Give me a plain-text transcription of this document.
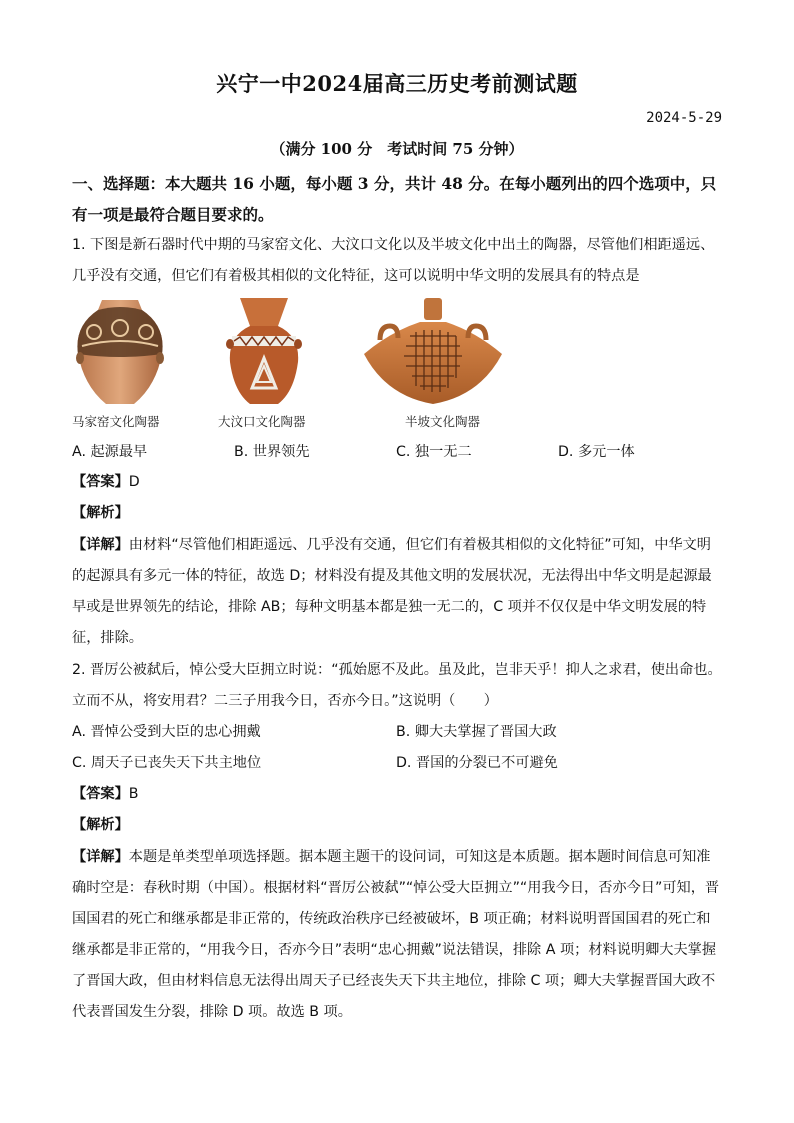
兴宁一中2024届高三历史考前测试题
2024-5-29
（满分 100 分　考试时间 75 分钟）
一、选择题：本大题共 16 小题，每小题 3 分，共计 48 分。在每小题列出的四个选项中，只有一项是最符合题目要求的。
1. 下图是新石器时代中期的马家窑文化、大汶口文化以及半坡文化中出土的陶器，尽管他们相距遥远、几乎没有交通，但它们有着极其相似的文化特征，这可以说明中华文明的发展具有的特点是
马家窑文化陶器	大汶口文化陶器	半坡文化陶器
A. 起源最早	B. 世界领先	C. 独一无二	D. 多元一体
【答案】D
【解析】
【详解】由材料“尽管他们相距遥远、几乎没有交通，但它们有着极其相似的文化特征”可知，中华文明的起源具有多元一体的特征，故选 D；材料没有提及其他文明的发展状况，无法得出中华文明是起源最早或是世界领先的结论，排除 AB；每种文明基本都是独一无二的，C 项并不仅仅是中华文明发展的特征，排除。
2. 晋厉公被弑后，悼公受大臣拥立时说：“孤始愿不及此。虽及此，岂非天乎！抑人之求君，使出命也。立而不从，将安用君？二三子用我今日，否亦今日。”这说明（　　）
A. 晋悼公受到大臣的忠心拥戴	B. 卿大夫掌握了晋国大政
C. 周天子已丧失天下共主地位	D. 晋国的分裂已不可避免
【答案】B
【解析】
【详解】本题是单类型单项选择题。据本题主题干的设问词，可知这是本质题。据本题时间信息可知准确时空是：春秋时期（中国）。根据材料“晋厉公被弑”“悼公受大臣拥立”“用我今日，否亦今日”可知，晋国国君的死亡和继承都是非正常的，传统政治秩序已经被破坏，B 项正确；材料说明晋国国君的死亡和继承都是非正常的，“用我今日，否亦今日”表明“忠心拥戴”说法错误，排除 A 项；材料说明卿大夫掌握了晋国大政，但由材料信息无法得出周天子已经丧失天下共主地位，排除 C 项；卿大夫掌握晋国大政不代表晋国发生分裂，排除 D 项。故选 B 项。
